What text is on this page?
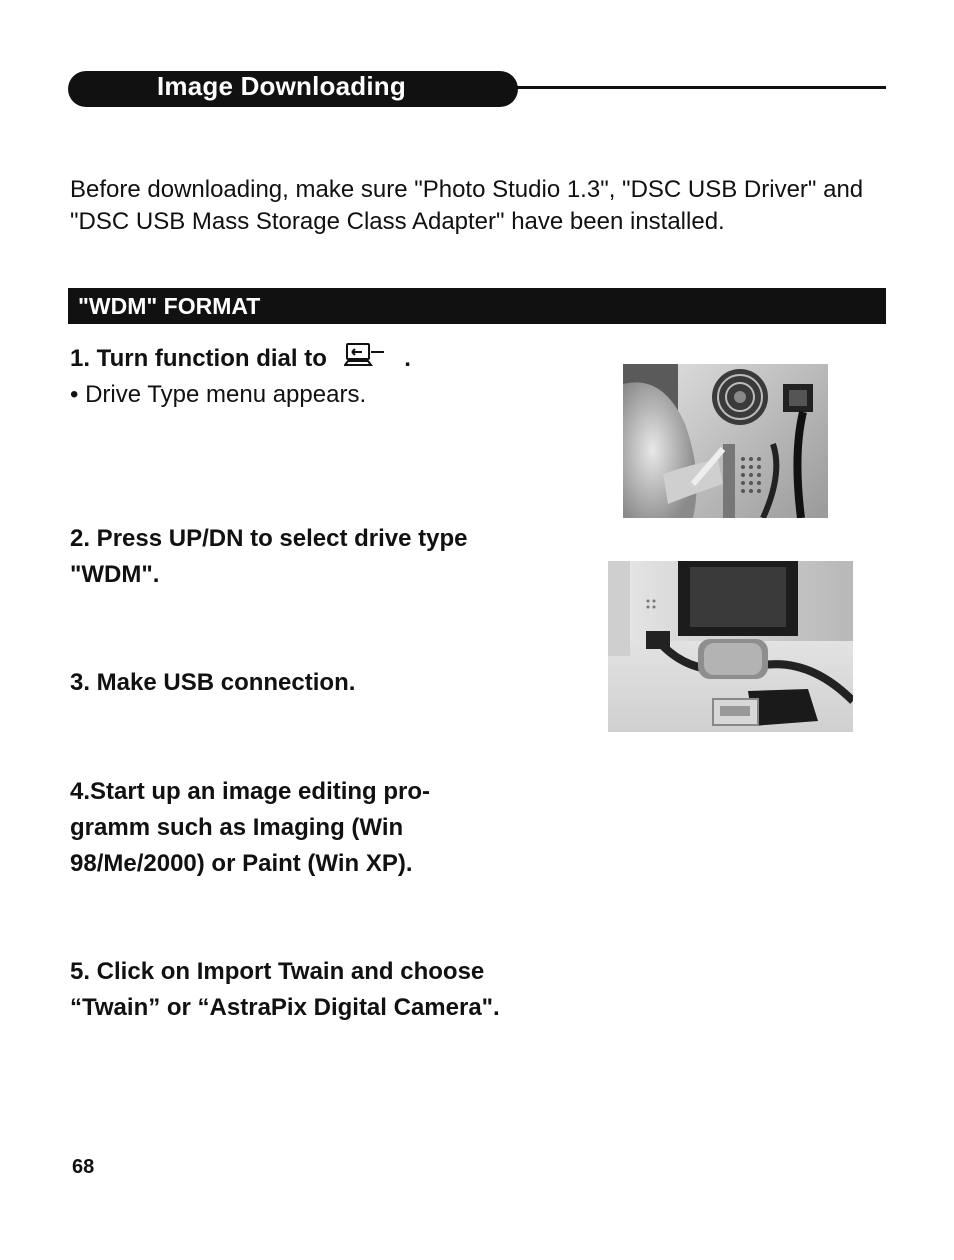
Image Downloading
Before downloading, make sure "Photo Studio 1.3", "DSC USB Driver" and "DSC USB Mass Storage Class Adapter" have been installed.
"WDM" FORMAT
1. Turn function dial to	.
• Drive Type menu appears.
2. Press UP/DN to select drive type "WDM".
3. Make USB connection.
4.Start up an image editing pro-gramm such as Imaging (Win 98/Me/2000) or Paint (Win XP).
5. Click on Import Twain and choose “Twain” or “AstraPix Digital Camera".
68
